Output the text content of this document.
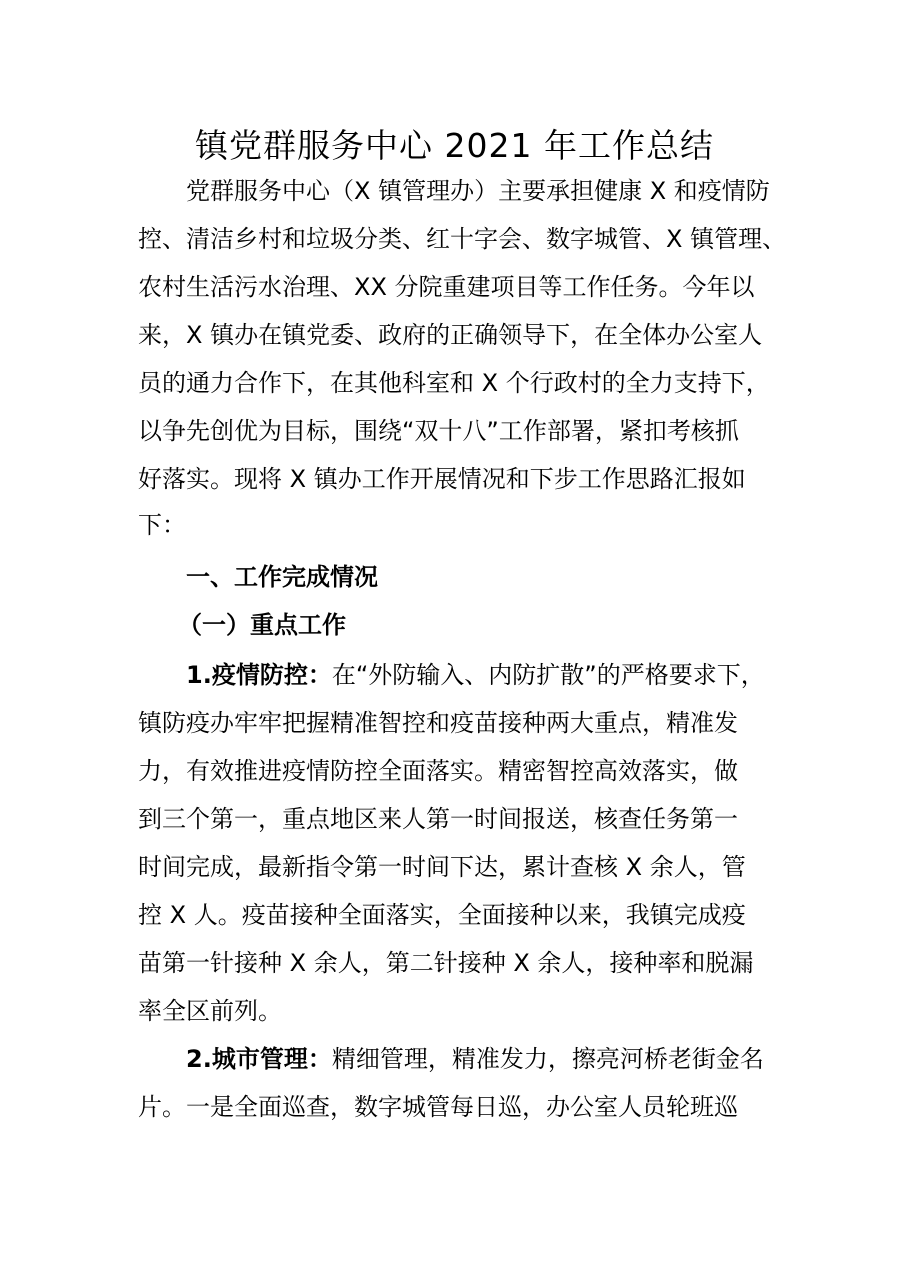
镇党群服务中心 2021 年工作总结

党群服务中心（X 镇管理办）主要承担健康 X 和疫情防

控、清洁乡村和垃圾分类、红十字会、数字城管、X 镇管理、

农村生活污水治理、XX 分院重建项目等工作任务。今年以

来，X 镇办在镇党委、政府的正确领导下，在全体办公室人

员的通力合作下，在其他科室和 X 个行政村的全力支持下，

以争先创优为目标，围绕“双十八”工作部署，紧扣考核抓

好落实。现将 X 镇办工作开展情况和下步工作思路汇报如

下：

一、工作完成情况

（一）重点工作

1.疫情防控：在“外防输入、内防扩散”的严格要求下，

镇防疫办牢牢把握精准智控和疫苗接种两大重点，精准发

力，有效推进疫情防控全面落实。精密智控高效落实，做

到三个第一，重点地区来人第一时间报送，核查任务第一

时间完成，最新指令第一时间下达，累计查核 X 余人，管

控 X 人。疫苗接种全面落实，全面接种以来，我镇完成疫

苗第一针接种 X 余人，第二针接种 X 余人，接种率和脱漏

率全区前列。

2.城市管理：精细管理，精准发力，擦亮河桥老街金名

片。一是全面巡查，数字城管每日巡，办公室人员轮班巡
